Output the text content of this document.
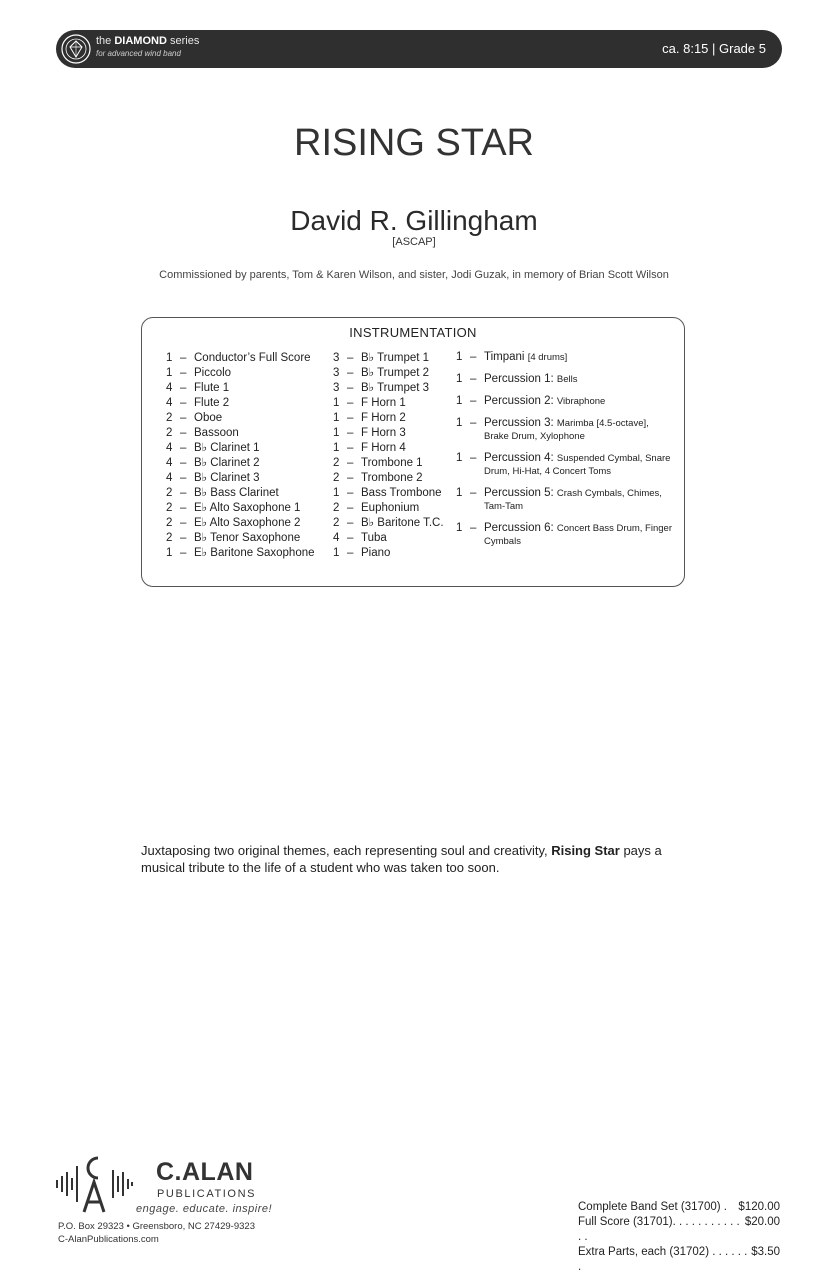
the DIAMOND series
for advanced wind band	ca. 8:15 | Grade 5
RISING STAR
David R. Gillingham
[ASCAP]
Commissioned by parents, Tom & Karen Wilson, and sister, Jodi Guzak, in memory of Brian Scott Wilson
INSTRUMENTATION
1 – Conductor’s Full Score
1 – Piccolo
4 – Flute 1
4 – Flute 2
2 – Oboe
2 – Bassoon
4 – B♭ Clarinet 1
4 – B♭ Clarinet 2
4 – B♭ Clarinet 3
2 – B♭ Bass Clarinet
2 – E♭ Alto Saxophone 1
2 – E♭ Alto Saxophone 2
2 – B♭ Tenor Saxophone
1 – E♭ Baritone Saxophone
3 – B♭ Trumpet 1
3 – B♭ Trumpet 2
3 – B♭ Trumpet 3
1 – F Horn 1
1 – F Horn 2
1 – F Horn 3
1 – F Horn 4
2 – Trombone 1
2 – Trombone 2
1 – Bass Trombone
2 – Euphonium
2 – B♭ Baritone T.C.
4 – Tuba
1 – Piano
1 – Timpani [4 drums]
1 – Percussion 1: Bells
1 – Percussion 2: Vibraphone
1 – Percussion 3: Marimba [4.5-octave], Brake Drum, Xylophone
1 – Percussion 4: Suspended Cymbal, Snare Drum, Hi-Hat, 4 Concert Toms
1 – Percussion 5: Crash Cymbals, Chimes, Tam-Tam
1 – Percussion 6: Concert Bass Drum, Finger Cymbals
Juxtaposing two original themes, each representing soul and creativity, Rising Star pays a musical tribute to the life of a student who was taken too soon.
C.ALAN
PUBLICATIONS
engage. educate. inspire!
P.O. Box 29323 • Greensboro, NC 27429-9323
C-AlanPublications.com
Complete Band Set (31700) . $120.00
Full Score (31701). . . . . . . . . . . . .
$20.00
Extra Parts, each (31702) . . . . . . .
$3.50
